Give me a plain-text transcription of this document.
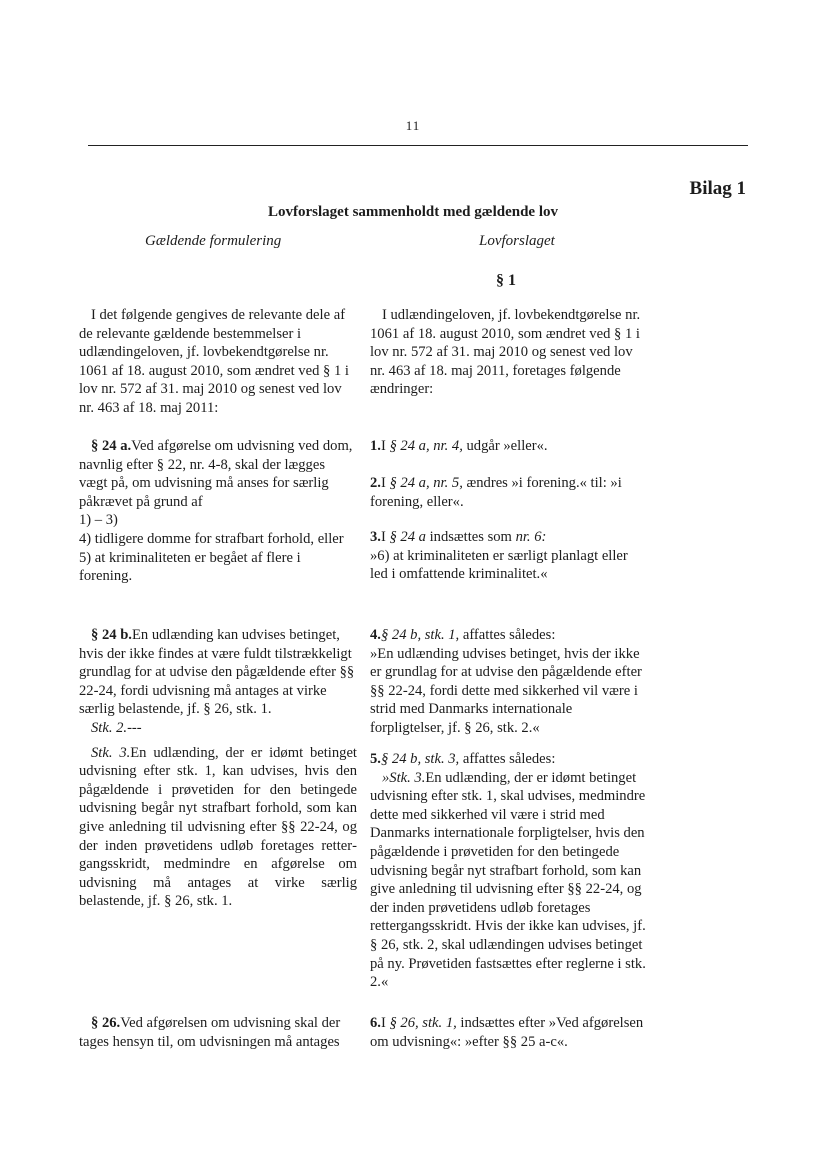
11
Bilag 1
Lovforslaget sammenholdt med gældende lov
Gældende formulering	Lovforslaget
§ 1

I det følgende gengives de relevante dele af de relevante gældende bestemmelser i udlændingeloven, jf. lovbekendtgørelse nr. 1061 af 18. august 2010, som ændret ved § 1 i lov nr. 572 af 31. maj 2010 og senest ved lov nr. 463 af 18. maj 2011:

I udlændingeloven, jf. lovbekendtgørelse nr. 1061 af 18. august 2010, som ændret ved § 1 i lov nr. 572 af 31. maj 2010 og senest ved lov nr. 463 af 18. maj 2011, foretages følgende ændringer:

§ 24 a.Ved afgørelse om udvisning ved dom, navnlig efter § 22, nr. 4-8, skal der lægges vægt på, om udvisning må anses for særlig påkrævet på grund af

1) – 3)

4) tidligere domme for strafbart forhold, eller

5) at kriminaliteten er begået af flere i forening.

1.I § 24 a, nr. 4, udgår »eller«.

2.I § 24 a, nr. 5, ændres »i forening.« til: »i forening, eller«.

3.I § 24 a indsættes som nr. 6:

»6) at kriminaliteten er særligt planlagt eller led i omfattende kriminalitet.«

§ 24 b.En udlænding kan udvises betinget, hvis der ikke findes at være fuldt tilstrækkeligt grundlag for at udvise den pågældende efter §§ 22-24, fordi udvisning må antages at virke særlig belastende, jf. § 26, stk. 1.

Stk. 2.---

Stk. 3.En udlænding, der er idømt betinget udvisning efter stk. 1, kan udvises, hvis den pågældende i prøvetiden for den betingede udvisning begår nyt strafbart forhold, som kan give anledning til udvisning efter §§ 22-24, og der inden prøvetidens udløb foretages rettergangsskridt, medmindre en afgørelse om udvisning må antages at virke særlig belastende, jf. § 26, stk. 1.

4.§ 24 b, stk. 1, affattes således:

»En udlænding udvises betinget, hvis der ikke er grundlag for at udvise den pågældende efter §§ 22-24, fordi dette med sikkerhed vil være i strid med Danmarks internationale forpligtelser, jf. § 26, stk. 2.«

5.§ 24 b, stk. 3, affattes således:

»Stk. 3.En udlænding, der er idømt betinget udvisning efter stk. 1, skal udvises, medmindre dette med sikkerhed vil være i strid med Danmarks internationale forpligtelser, hvis den pågældende i prøvetiden for den betingede udvisning begår nyt strafbart forhold, som kan give anledning til udvisning efter §§ 22-24, og der inden prøvetidens udløb foretages rettergangsskridt. Hvis der ikke kan udvises, jf. § 26, stk. 2, skal udlændingen udvises betinget på ny. Prøvetiden fastsættes efter reglerne i stk. 2.«

§ 26.Ved afgørelsen om udvisning skal der tages hensyn til, om udvisningen må antages

6.I § 26, stk. 1, indsættes efter »Ved afgørelsen om udvisning«: »efter §§ 25 a-c«.
